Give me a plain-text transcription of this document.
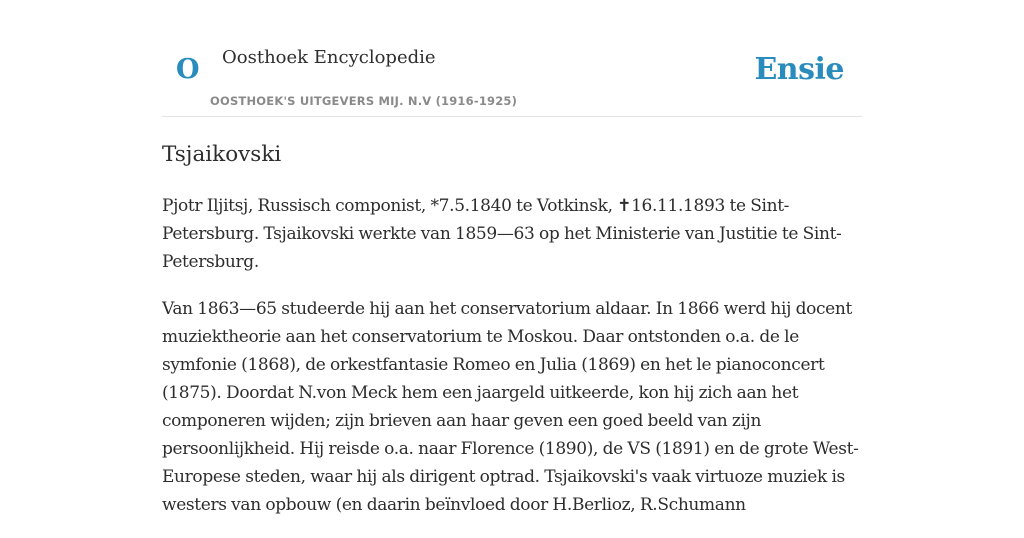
O Oosthoek Encyclopedie
OOSTHOEK'S UITGEVERS MIJ. N.V (1916-1925)
Ensie
Tsjaikovski

Pjotr Iljitsj, Russisch componist, *7.5.1840 te Votkinsk, ✝16.11.1893 te Sint-Petersburg. Tsjaikovski werkte van 1859—63 op het Ministerie van Justitie te Sint-Petersburg.

Van 1863—65 studeerde hij aan het conservatorium aldaar. In 1866 werd hij docent muziektheorie aan het conservatorium te Moskou. Daar ontstonden o.a. de le symfonie (1868), de orkestfantasie Romeo en Julia (1869) en het le pianoconcert (1875). Doordat N.von Meck hem een jaargeld uitkeerde, kon hij zich aan het componeren wijden; zijn brieven aan haar geven een goed beeld van zijn persoonlijkheid. Hij reisde o.a. naar Florence (1890), de VS (1891) en de grote West-Europese steden, waar hij als dirigent optrad. Tsjaikovski's vaak virtuoze muziek is westers van opbouw (en daarin beïnvloed door H.Berlioz, R.Schumann
